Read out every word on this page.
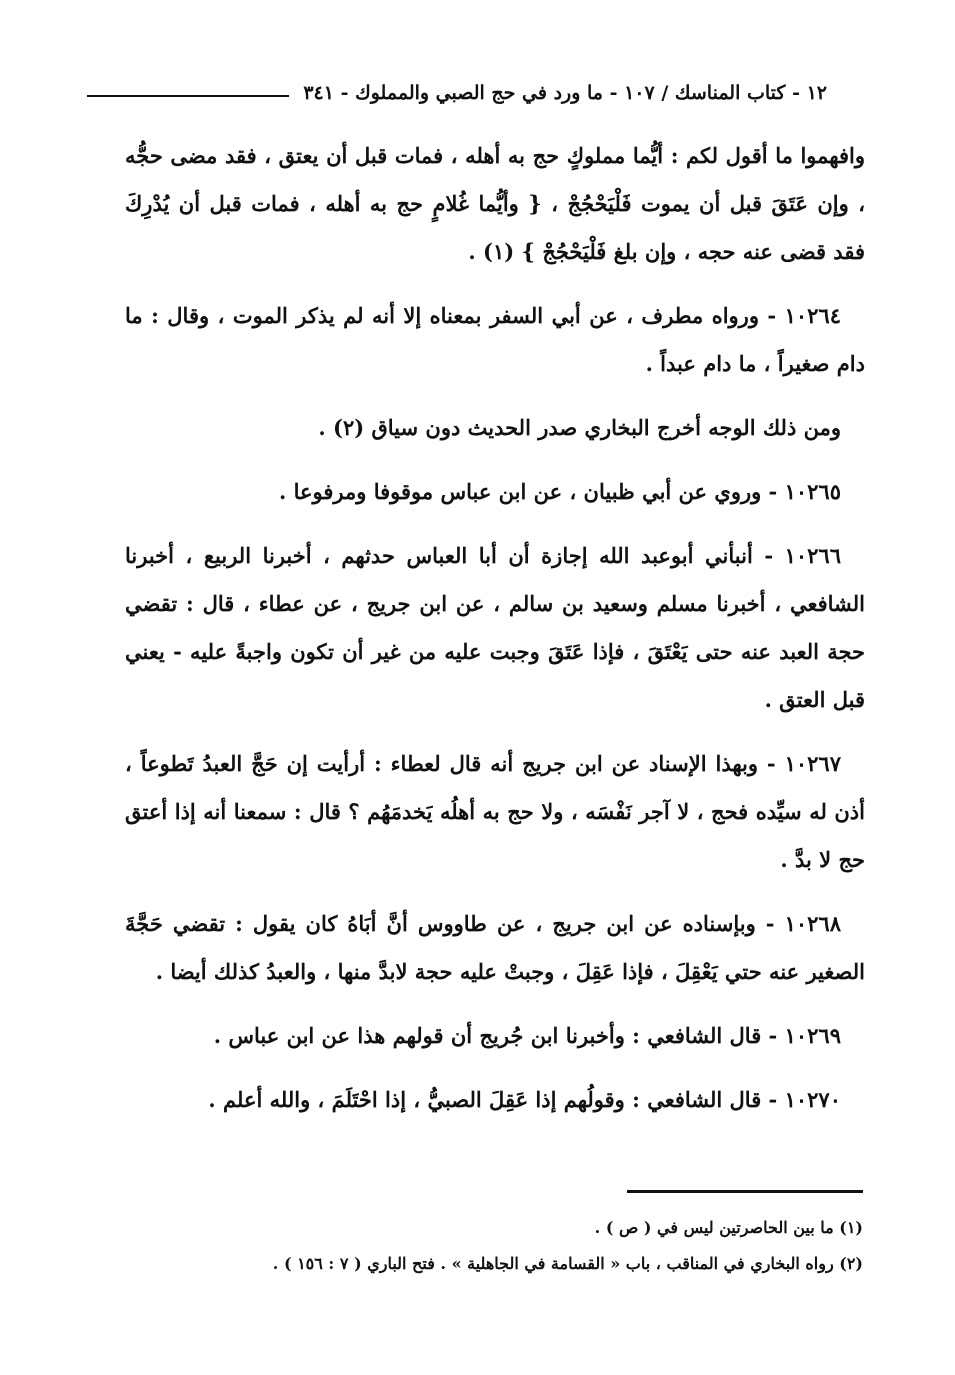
١٢ - كتاب المناسك / ١٠٧ - ما ورد في حج الصبي والمملوك - ٣٤١

وافهموا ما أقول لكم : أيُّما مملوكٍ حج به أهله ، فمات قبل أن يعتق ، فقد مضى حجُّه ، وإن عَتَقَ قبل أن يموت فَلْيَحْجُجْ ، { وأيُّما غُلامٍ حج به أهله ، فمات قبل أن يُدْرِكَ فقد قضى عنه حجه ، وإن بلغ فَلْيَحْجُجْ } (١) .

١٠٢٦٤ - ورواه مطرف ، عن أبي السفر بمعناه إلا أنه لم يذكر الموت ، وقال : ما دام صغيراً ، ما دام عبداً .

ومن ذلك الوجه أخرج البخاري صدر الحديث دون سياق (٢) .

١٠٢٦٥ - وروي عن أبي ظبيان ، عن ابن عباس موقوفا ومرفوعا .

١٠٢٦٦ - أنبأني أبوعبد الله إجازة أن أبا العباس حدثهم ، أخبرنا الربيع ، أخبرنا الشافعي ، أخبرنا مسلم وسعيد بن سالم ، عن ابن جريج ، عن عطاء ، قال : تقضي حجة العبد عنه حتى يَعْتَقَ ، فإذا عَتَقَ وجبت عليه من غير أن تكون واجبةً عليه - يعني قبل العتق .

١٠٢٦٧ - وبهذا الإسناد عن ابن جريج أنه قال لعطاء : أرأيت إن حَجَّ العبدُ تَطوعاً ، أذن له سيِّده فحج ، لا آجر نَفْسَه ، ولا حج به أهلُه يَخدمَهُم ؟ قال : سمعنا أنه إذا أعتق حج لا بدَّ .

١٠٢٦٨ - وبإسناده عن ابن جريج ، عن طاووس أنَّ أبَاهُ كان يقول : تقضي حَجَّةَ الصغير عنه حتي يَعْقِلَ ، فإذا عَقِلَ ، وجبتْ عليه حجة لابدَّ منها ، والعبدُ كذلك أيضا .

١٠٢٦٩ - قال الشافعي : وأخبرنا ابن جُريج أن قولهم هذا عن ابن عباس .

١٠٢٧٠ - قال الشافعي : وقولُهم إذا عَقِلَ الصبيُّ ، إذا احْتَلَمَ ، والله أعلم .

(١) ما بين الحاصرتين ليس في ( ص ) .

(٢) رواه البخاري في المناقب ، باب « القسامة في الجاهلية » . فتح الباري ( ٧ : ١٥٦ ) .
